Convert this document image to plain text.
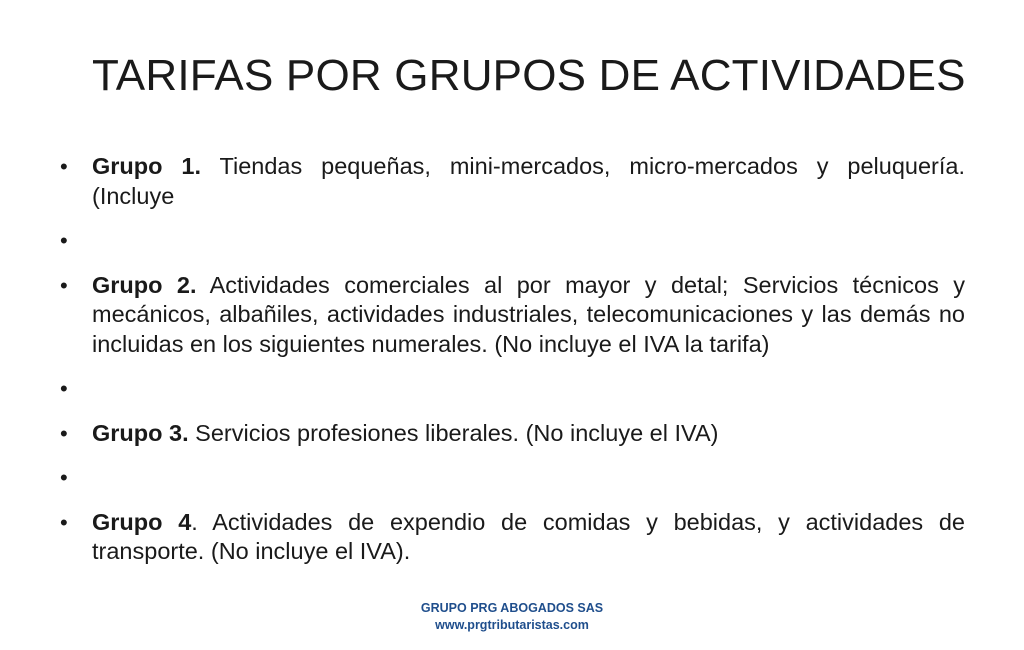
TARIFAS POR GRUPOS DE ACTIVIDADES
• Grupo 1. Tiendas pequeñas, mini-mercados, micro-mercados y peluquería. (Incluye
•
• Grupo 2. Actividades comerciales al por mayor y detal; Servicios técnicos y mecánicos, albañiles, actividades industriales, telecomunicaciones y las demás no incluidas en los siguientes numerales. (No incluye el IVA la tarifa)
•
• Grupo 3. Servicios profesiones liberales. (No incluye el IVA)
•
• Grupo 4. Actividades de expendio de comidas y bebidas, y actividades de transporte. (No incluye el IVA).
GRUPO PRG ABOGADOS SAS
www.prgtributaristas.com
